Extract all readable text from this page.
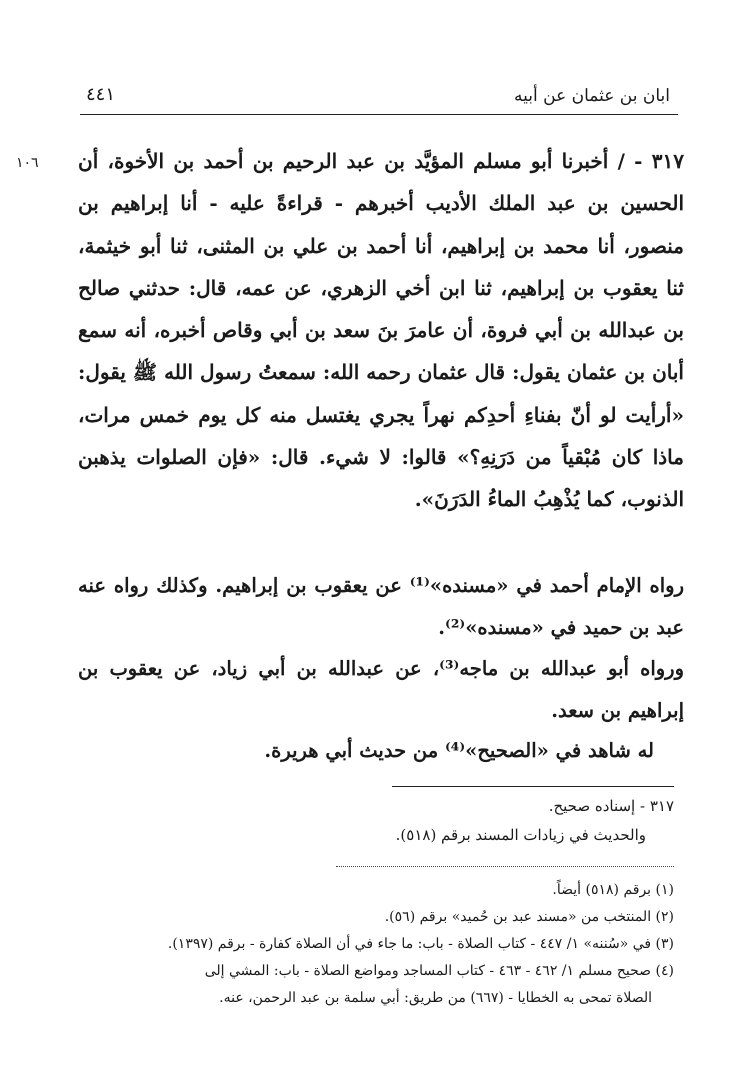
ابان بن عثمان عن أبيه
٤٤١
١٠٦	٣١٧ - / أخبرنا أبو مسلم المؤيَّد بن عبد الرحيم بن أحمد بن الأخوة، أن الحسين بن عبد الملك الأديب أخبرهم - قراءةً عليه - أنا إبراهيم بن منصور، أنا محمد بن إبراهيم، أنا أحمد بن علي بن المثنى، ثنا أبو خيثمة، ثنا يعقوب بن إبراهيم، ثنا ابن أخي الزهري، عن عمه، قال: حدثني صالح بن عبدالله بن أبي فروة، أن عامرَ بنَ سعد بن أبي وقاص أخبره، أنه سمع أبان بن عثمان يقول: قال عثمان رحمه الله: سمعتُ رسول الله ﷺ يقول: «أرأيت لو أنّ بفناءِ أحدِكم نهراً يجري يغتسل منه كل يوم خمس مرات، ماذا كان مُبْقياً من دَرَنِهِ؟» قالوا: لا شيء. قال: «فإن الصلوات يذهبن الذنوب، كما يُذْهِبُ الماءُ الدَرَنَ».

رواه الإمام أحمد في «مسنده»⁽¹⁾ عن يعقوب بن إبراهيم. وكذلك رواه عنه عبد بن حميد في «مسنده»⁽²⁾.

ورواه أبو عبدالله بن ماجه⁽³⁾، عن عبدالله بن أبي زياد، عن يعقوب بن إبراهيم بن سعد.

له شاهد في «الصحيح»⁽⁴⁾ من حديث أبي هريرة.

٣١٧ - إسناده صحيح.
والحديث في زيادات المسند برقم (٥١٨).
(١) برقم (٥١٨) أيضاً.
(٢) المنتخب من «مسند عبد بن حُميد» برقم (٥٦).
(٣) في «سُننه» ١/ ٤٤٧ - كتاب الصلاة - باب: ما جاء في أن الصلاة كفارة - برقم (١٣٩٧).
(٤) صحيح مسلم ١/ ٤٦٢ - ٤٦٣ - كتاب المساجد ومواضع الصلاة - باب: المشي إلى
الصلاة تمحى به الخطايا - (٦٦٧) من طريق: أبي سلمة بن عبد الرحمن، عنه.
